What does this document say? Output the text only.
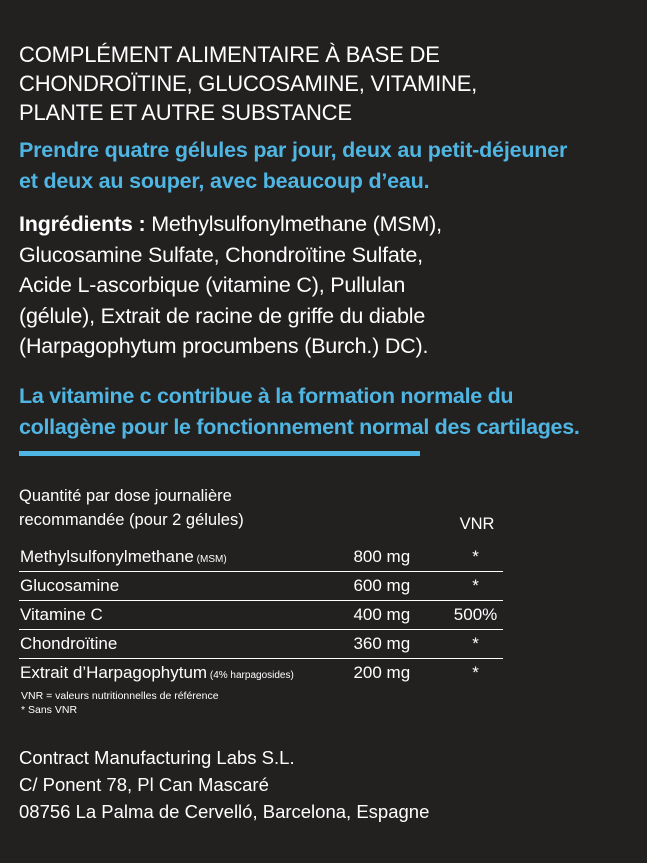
COMPLÉMENT ALIMENTAIRE À BASE DE
CHONDROÏTINE, GLUCOSAMINE, VITAMINE,
PLANTE ET AUTRE SUBSTANCE
Prendre quatre gélules par jour, deux au petit-déjeuner
et deux au souper, avec beaucoup d’eau.
Ingrédients : Methylsulfonylmethane (MSM),
Glucosamine Sulfate, Chondroïtine Sulfate,
Acide L-ascorbique (vitamine C), Pullulan
(gélule), Extrait de racine de griffe du diable
(Harpagophytum procumbens (Burch.) DC).
La vitamine c contribue à la formation normale du
collagène pour le fonctionnement normal des cartilages.
Quantité par dose journalière
recommandée (pour 2 gélules)	VNR
Methylsulfonylmethane (MSM)	800 mg	*
Glucosamine	600 mg	*
Vitamine C	400 mg	500%
Chondroïtine	360 mg	*
Extrait d’Harpagophytum (4% harpagosides)	200 mg	*
VNR = valeurs nutritionnelles de référence
* Sans VNR
Contract Manufacturing Labs S.L.
C/ Ponent 78, Pl Can Mascaré
08756 La Palma de Cervelló, Barcelona, Espagne
